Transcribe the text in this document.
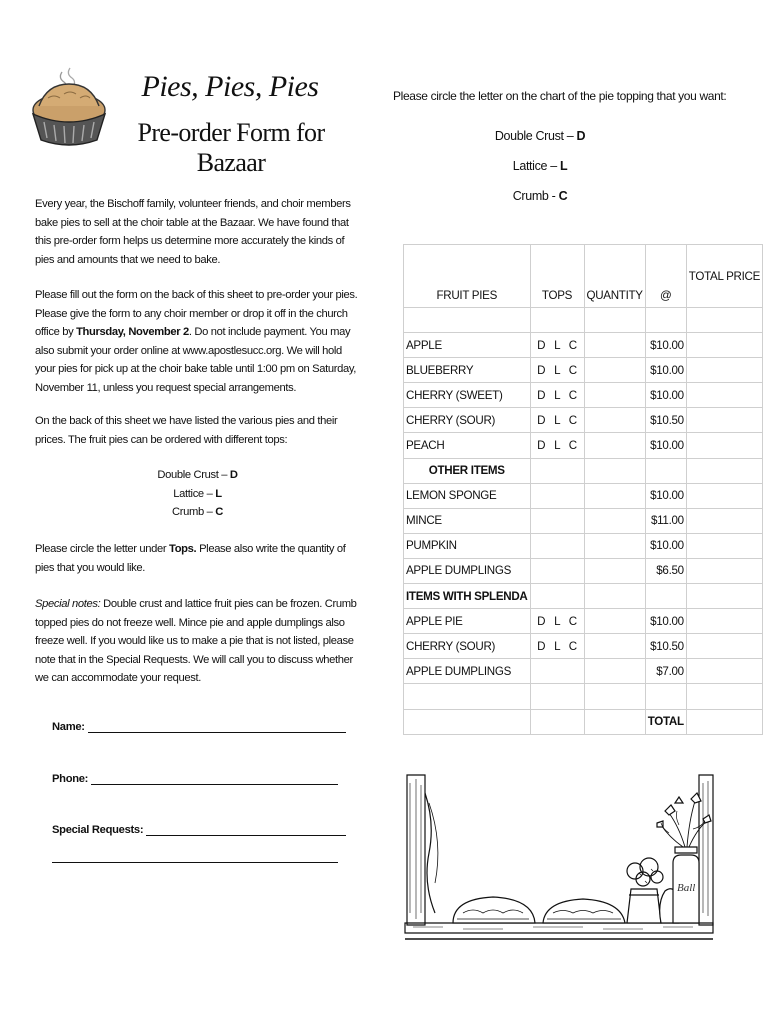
Pies, Pies, Pies
Pre-order Form for Bazaar

Every year, the Bischoff family, volunteer friends, and choir members bake pies to sell at the choir table at the Bazaar. We have found that this pre-order form helps us determine more accurately the kinds of pies and amounts that we need to bake.

Please fill out the form on the back of this sheet to pre-order your pies. Please give the form to any choir member or drop it off in the church office by Thursday, November 2. Do not include payment. You may also submit your order online at www.apostlesucc.org. We will hold your pies for pick up at the choir bake table until 1:00 pm on Saturday, November 11, unless you request special arrangements.

On the back of this sheet we have listed the various pies and their prices. The fruit pies can be ordered with different tops:

Double Crust – D
Lattice – L
Crumb – C

Please circle the letter under Tops. Please also write the quantity of pies that you would like.

Special notes: Double crust and lattice fruit pies can be frozen. Crumb topped pies do not freeze well. Mince pie and apple dumplings also freeze well. If you would like us to make a pie that is not listed, please note that in the Special Requests. We will call you to discuss whether we can accommodate your request.

Name:
Phone:
Special Requests:
Please circle the letter on the chart of the pie topping that you want:
Double Crust – D
Lattice – L
Crumb - C
FRUIT PIES	TOPS	QUANTITY	@	TOTAL PRICE

APPLE	D L C		$10.00	
BLUEBERRY	D L C		$10.00	
CHERRY (SWEET)	D L C		$10.00	
CHERRY (SOUR)	D L C		$10.50	
PEACH	D L C		$10.00	
OTHER ITEMS				
LEMON SPONGE			$10.00	
MINCE			$11.00	
PUMPKIN			$10.00	
APPLE DUMPLINGS			$6.50	
ITEMS WITH SPLENDA				
APPLE PIE	D L C		$10.00	
CHERRY (SOUR)	D L C		$10.50	
APPLE DUMPLINGS			$7.00	

			TOTAL	
Ball
